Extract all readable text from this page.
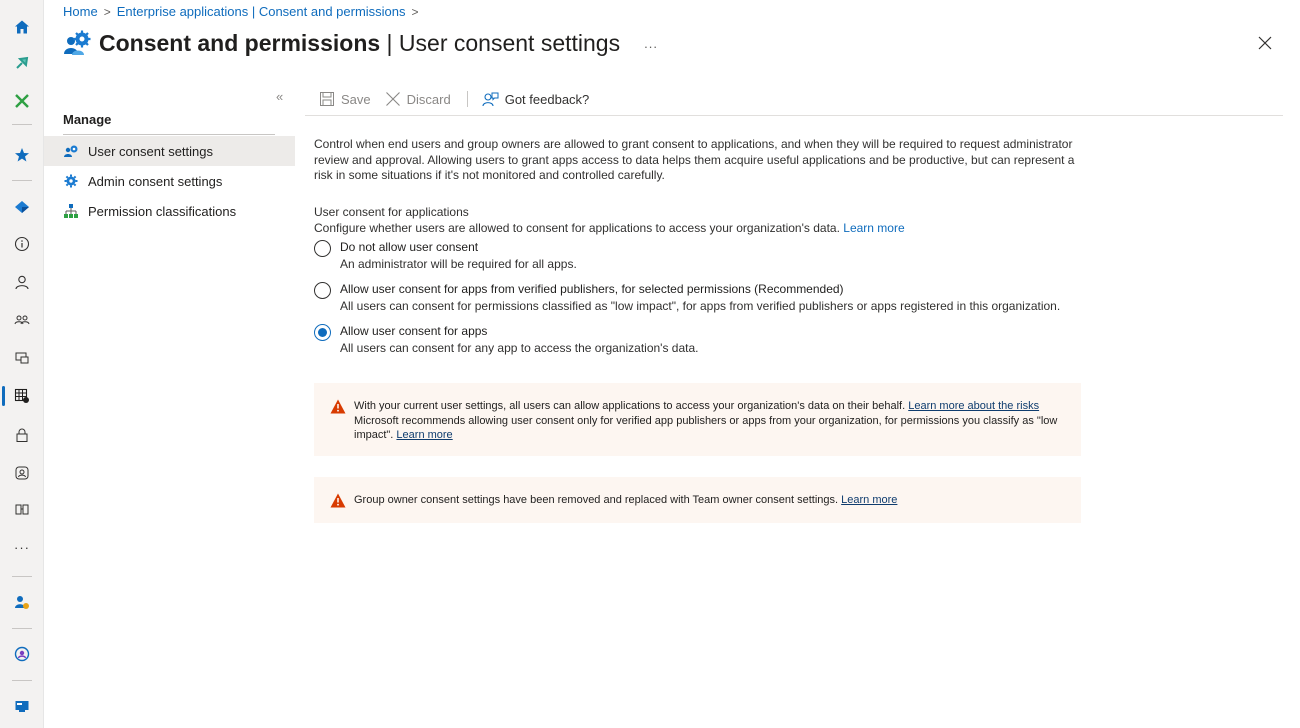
···
Home > Enterprise applications | Consent and permissions >
Consent and permissions | User consent settings ...
«
Manage
User consent settings
Admin consent settings
Permission classifications
Save	Discard	Got feedback?

Control when end users and group owners are allowed to grant consent to applications, and when they will be required to request administrator review and approval. Allowing users to grant apps access to data helps them acquire useful applications and be productive, but can represent a risk in some situations if it's not monitored and controlled carefully.

User consent for applications
Configure whether users are allowed to consent for applications to access your organization's data. Learn more
Do not allow user consent
An administrator will be required for all apps.
Allow user consent for apps from verified publishers, for selected permissions (Recommended)
All users can consent for permissions classified as "low impact", for apps from verified publishers or apps registered in this organization.
Allow user consent for apps
All users can consent for any app to access the organization's data.
With your current user settings, all users can allow applications to access your organization's data on their behalf. Learn more about the risks
Microsoft recommends allowing user consent only for verified app publishers or apps from your organization, for permissions you classify as "low impact". Learn more
Group owner consent settings have been removed and replaced with Team owner consent settings. Learn more
